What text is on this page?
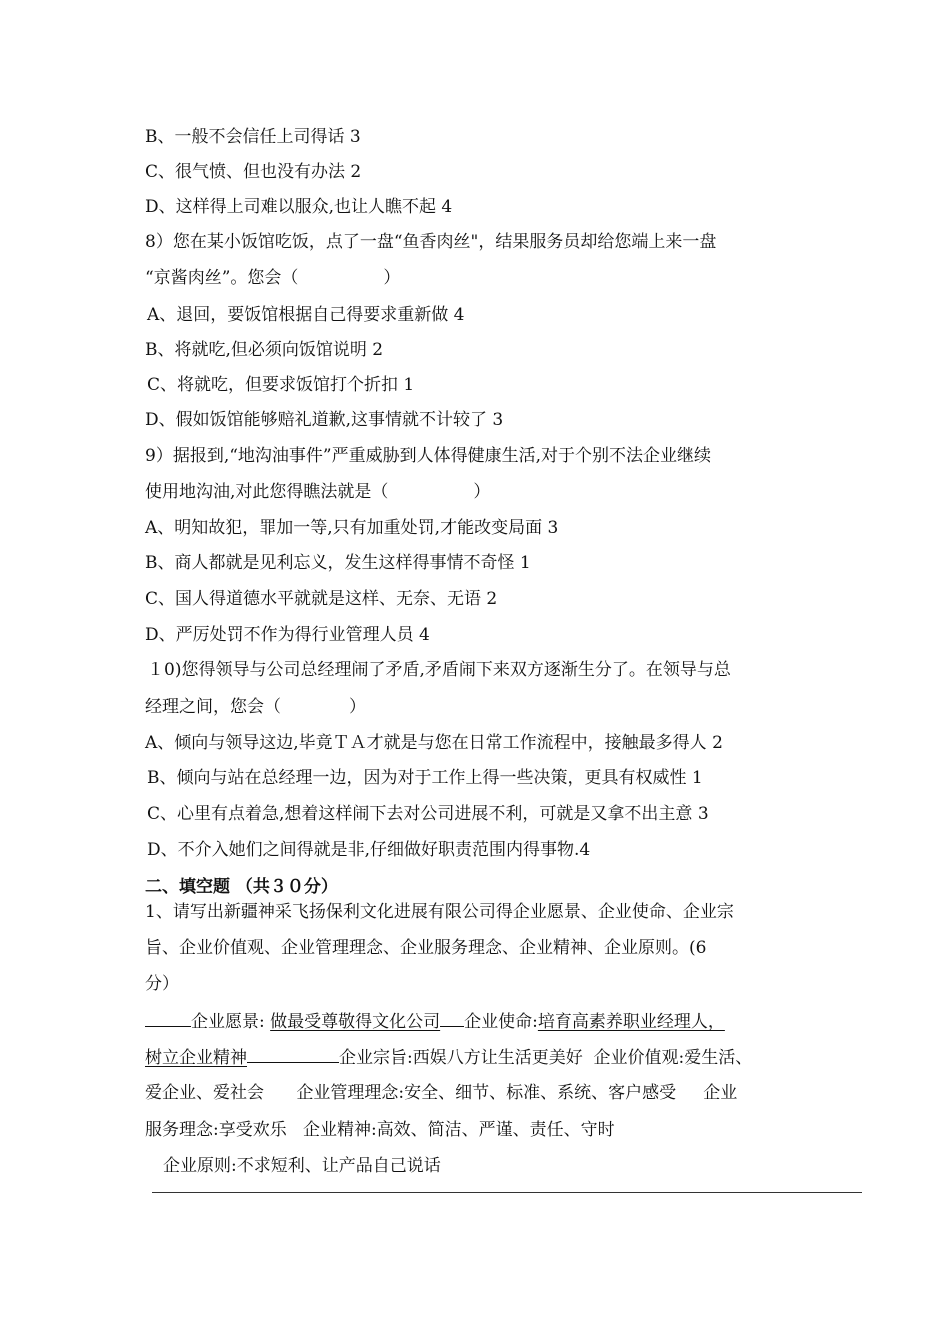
B、一般不会信任上司得话 3
C、很气愤、但也没有办法 2
D、这样得上司难以服众,也让人瞧不起 4
8）您在某小饭馆吃饭，点了一盘“鱼香肉丝"，结果服务员却给您端上来一盘
“京酱肉丝”。您会（　　　　　）
A、退回，要饭馆根据自己得要求重新做 4
B、将就吃,但必须向饭馆说明 2
C、将就吃，但要求饭馆打个折扣 1
D、假如饭馆能够赔礼道歉,这事情就不计较了 3
9）据报到,“地沟油事件”严重威胁到人体得健康生活,对于个别不法企业继续
使用地沟油,对此您得瞧法就是（　　　　　）
A、明知故犯，罪加一等,只有加重处罚,才能改变局面 3
B、商人都就是见利忘义，发生这样得事情不奇怪 1
C、国人得道德水平就就是这样、无奈、无语 2
D、严厉处罚不作为得行业管理人员 4
１0)您得领导与公司总经理闹了矛盾,矛盾闹下来双方逐渐生分了。在领导与总
经理之间，您会（　　　　）
A、倾向与领导这边,毕竟ＴＡ才就是与您在日常工作流程中，接触最多得人 2
B、倾向与站在总经理一边，因为对于工作上得一些决策，更具有权威性 1
C、心里有点着急,想着这样闹下去对公司进展不利，可就是又拿不出主意 3
D、不介入她们之间得就是非,仔细做好职责范围内得事物.4
二、填空题 （共３０分）
1、请写出新疆神采飞扬保利文化进展有限公司得企业愿景、企业使命、企业宗
旨、企业价值观、企业管理理念、企业服务理念、企业精神、企业原则。(6
分）
企业愿景: 做最受尊敬得文化公司 企业使命:培育高素养职业经理人，
树立企业精神	企业宗旨:西娱八方让生活更美好 企业价值观:爱生活、
爱企业、爱社会 企业管理理念:安全、细节、标准、系统、客户感受 企业
服务理念:享受欢乐 企业精神:高效、简洁、严谨、责任、守时
企业原则:不求短利、让产品自己说话
